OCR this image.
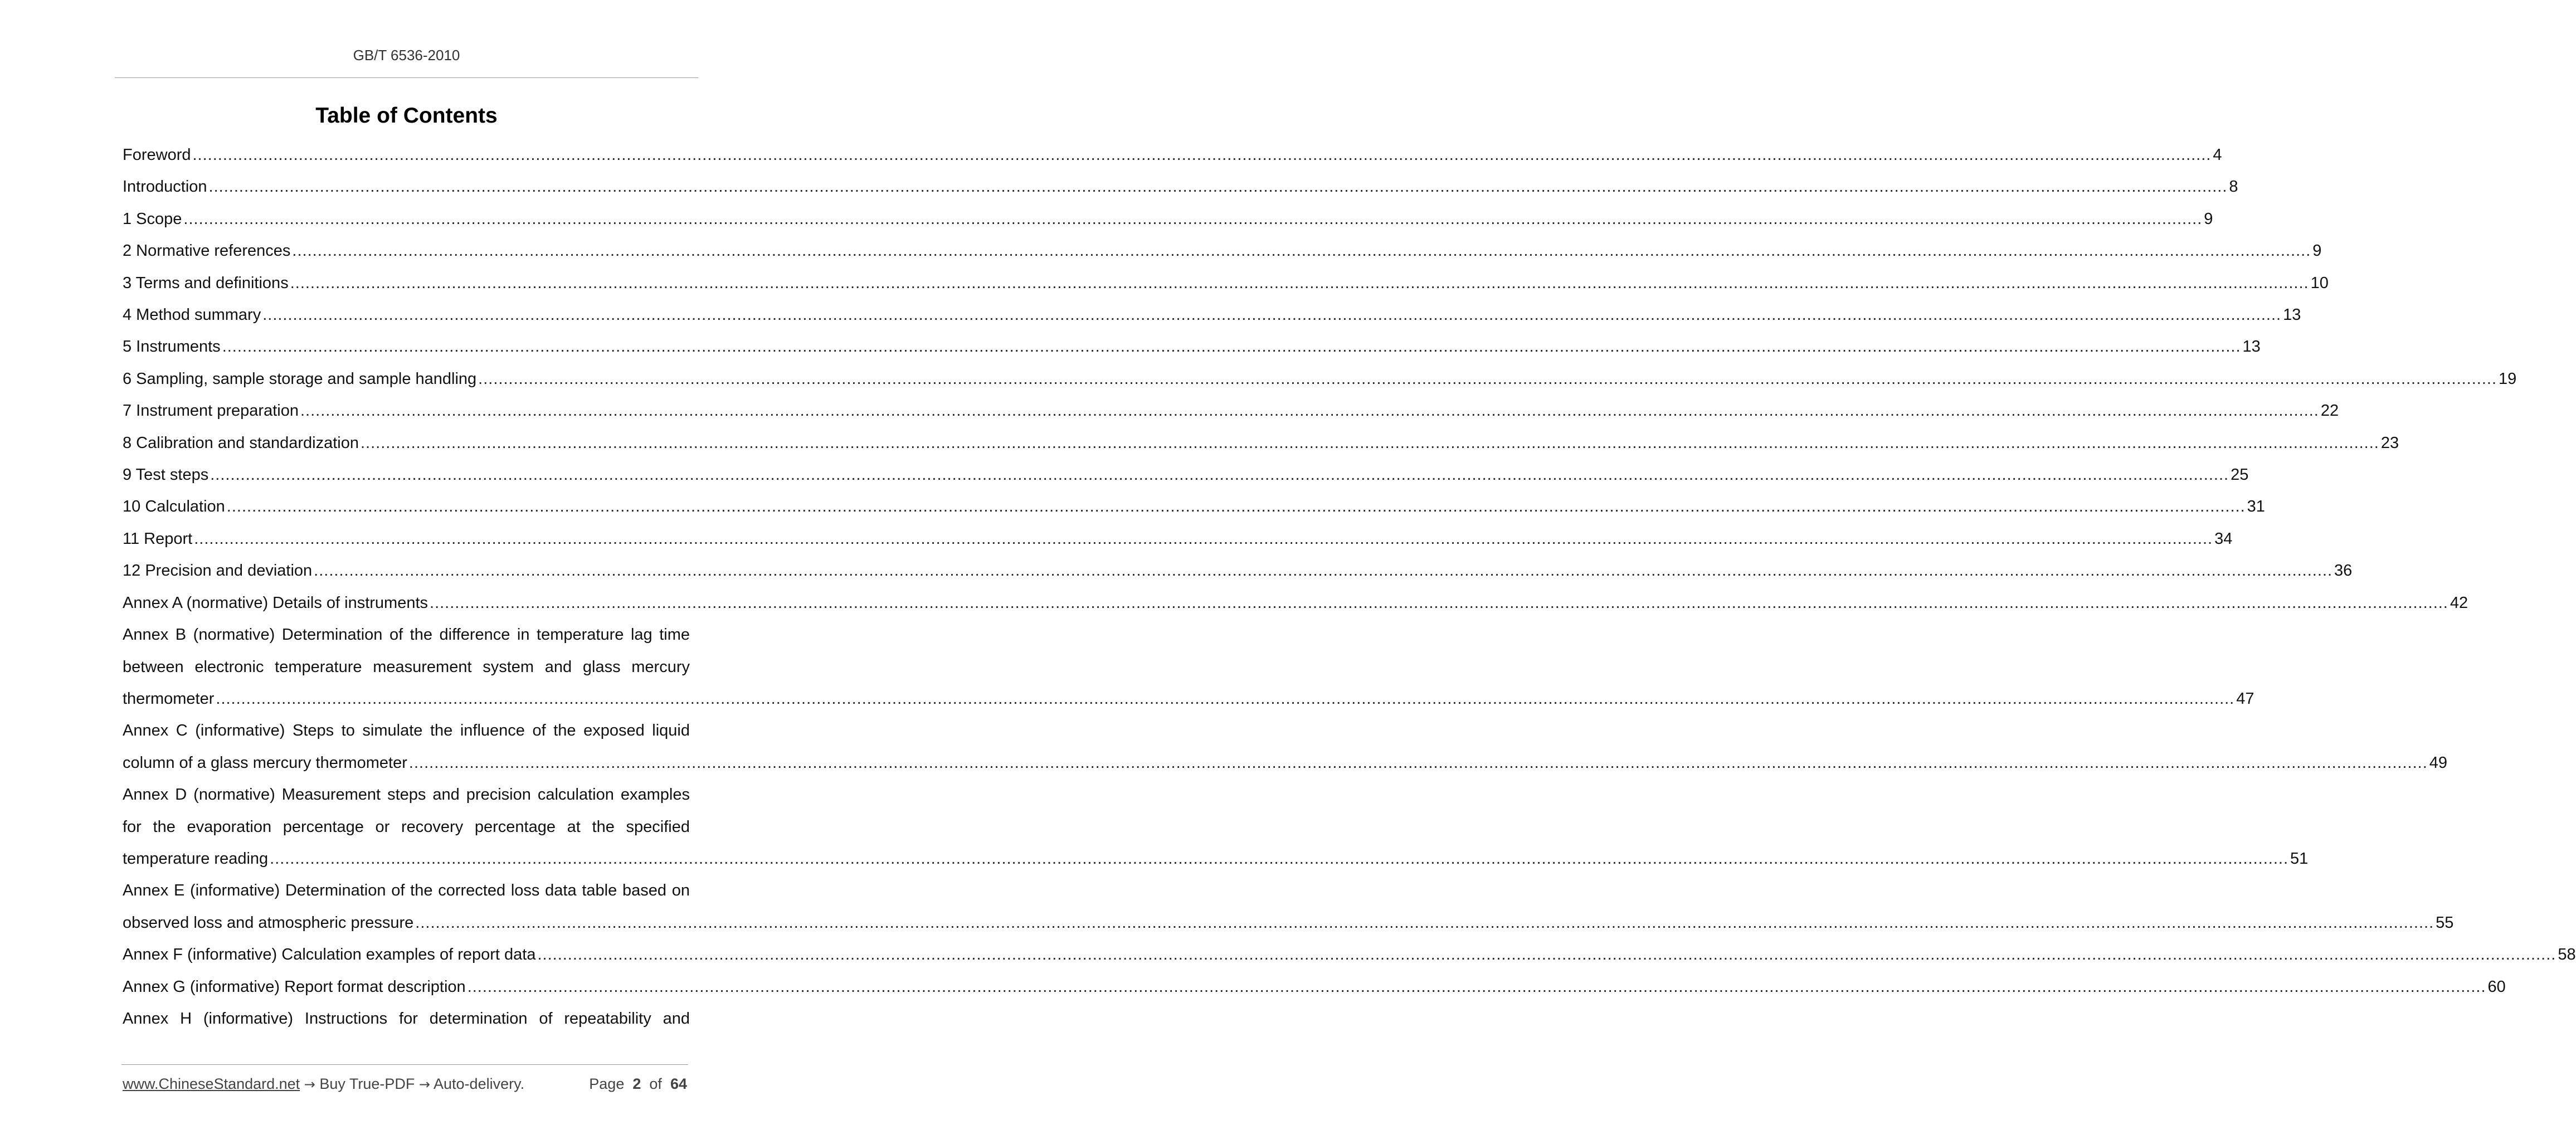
GB/T 6536-2010
Table of Contents
Foreword ................................................................................................................................................................................................................................................................................................................................................................................................................ 4
Introduction ................................................................................................................................................................................................................................................................................................................................................................................................................ 8
1 Scope ................................................................................................................................................................................................................................................................................................................................................................................................................ 9
2 Normative references ................................................................................................................................................................................................................................................................................................................................................................................................................ 9
3 Terms and definitions ................................................................................................................................................................................................................................................................................................................................................................................................................ 10
4 Method summary ................................................................................................................................................................................................................................................................................................................................................................................................................ 13
5 Instruments ................................................................................................................................................................................................................................................................................................................................................................................................................ 13
6 Sampling, sample storage and sample handling ................................................................................................................................................................................................................................................................................................................................................................................................................ 19
7 Instrument preparation ................................................................................................................................................................................................................................................................................................................................................................................................................ 22
8 Calibration and standardization ................................................................................................................................................................................................................................................................................................................................................................................................................ 23
9 Test steps ................................................................................................................................................................................................................................................................................................................................................................................................................ 25
10 Calculation ................................................................................................................................................................................................................................................................................................................................................................................................................ 31
11 Report ................................................................................................................................................................................................................................................................................................................................................................................................................ 34
12 Precision and deviation ................................................................................................................................................................................................................................................................................................................................................................................................................ 36
Annex A (normative) Details of instruments ................................................................................................................................................................................................................................................................................................................................................................................................................ 42
Annex B (normative) Determination of the difference in temperature lag time
between electronic temperature measurement system and glass mercury
thermometer ................................................................................................................................................................................................................................................................................................................................................................................................................ 47
Annex C (informative) Steps to simulate the influence of the exposed liquid
column of a glass mercury thermometer ................................................................................................................................................................................................................................................................................................................................................................................................................ 49
Annex D (normative) Measurement steps and precision calculation examples
for the evaporation percentage or recovery percentage at the specified
temperature reading ................................................................................................................................................................................................................................................................................................................................................................................................................ 51
Annex E (informative) Determination of the corrected loss data table based on
observed loss and atmospheric pressure ................................................................................................................................................................................................................................................................................................................................................................................................................ 55
Annex F (informative) Calculation examples of report data ................................................................................................................................................................................................................................................................................................................................................................................................................ 58
Annex G (informative) Report format description ................................................................................................................................................................................................................................................................................................................................................................................................................ 60
Annex H (informative) Instructions for determination of repeatability and
www.ChineseStandard.net → Buy True-PDF → Auto-delivery.	Page 2 of 64
